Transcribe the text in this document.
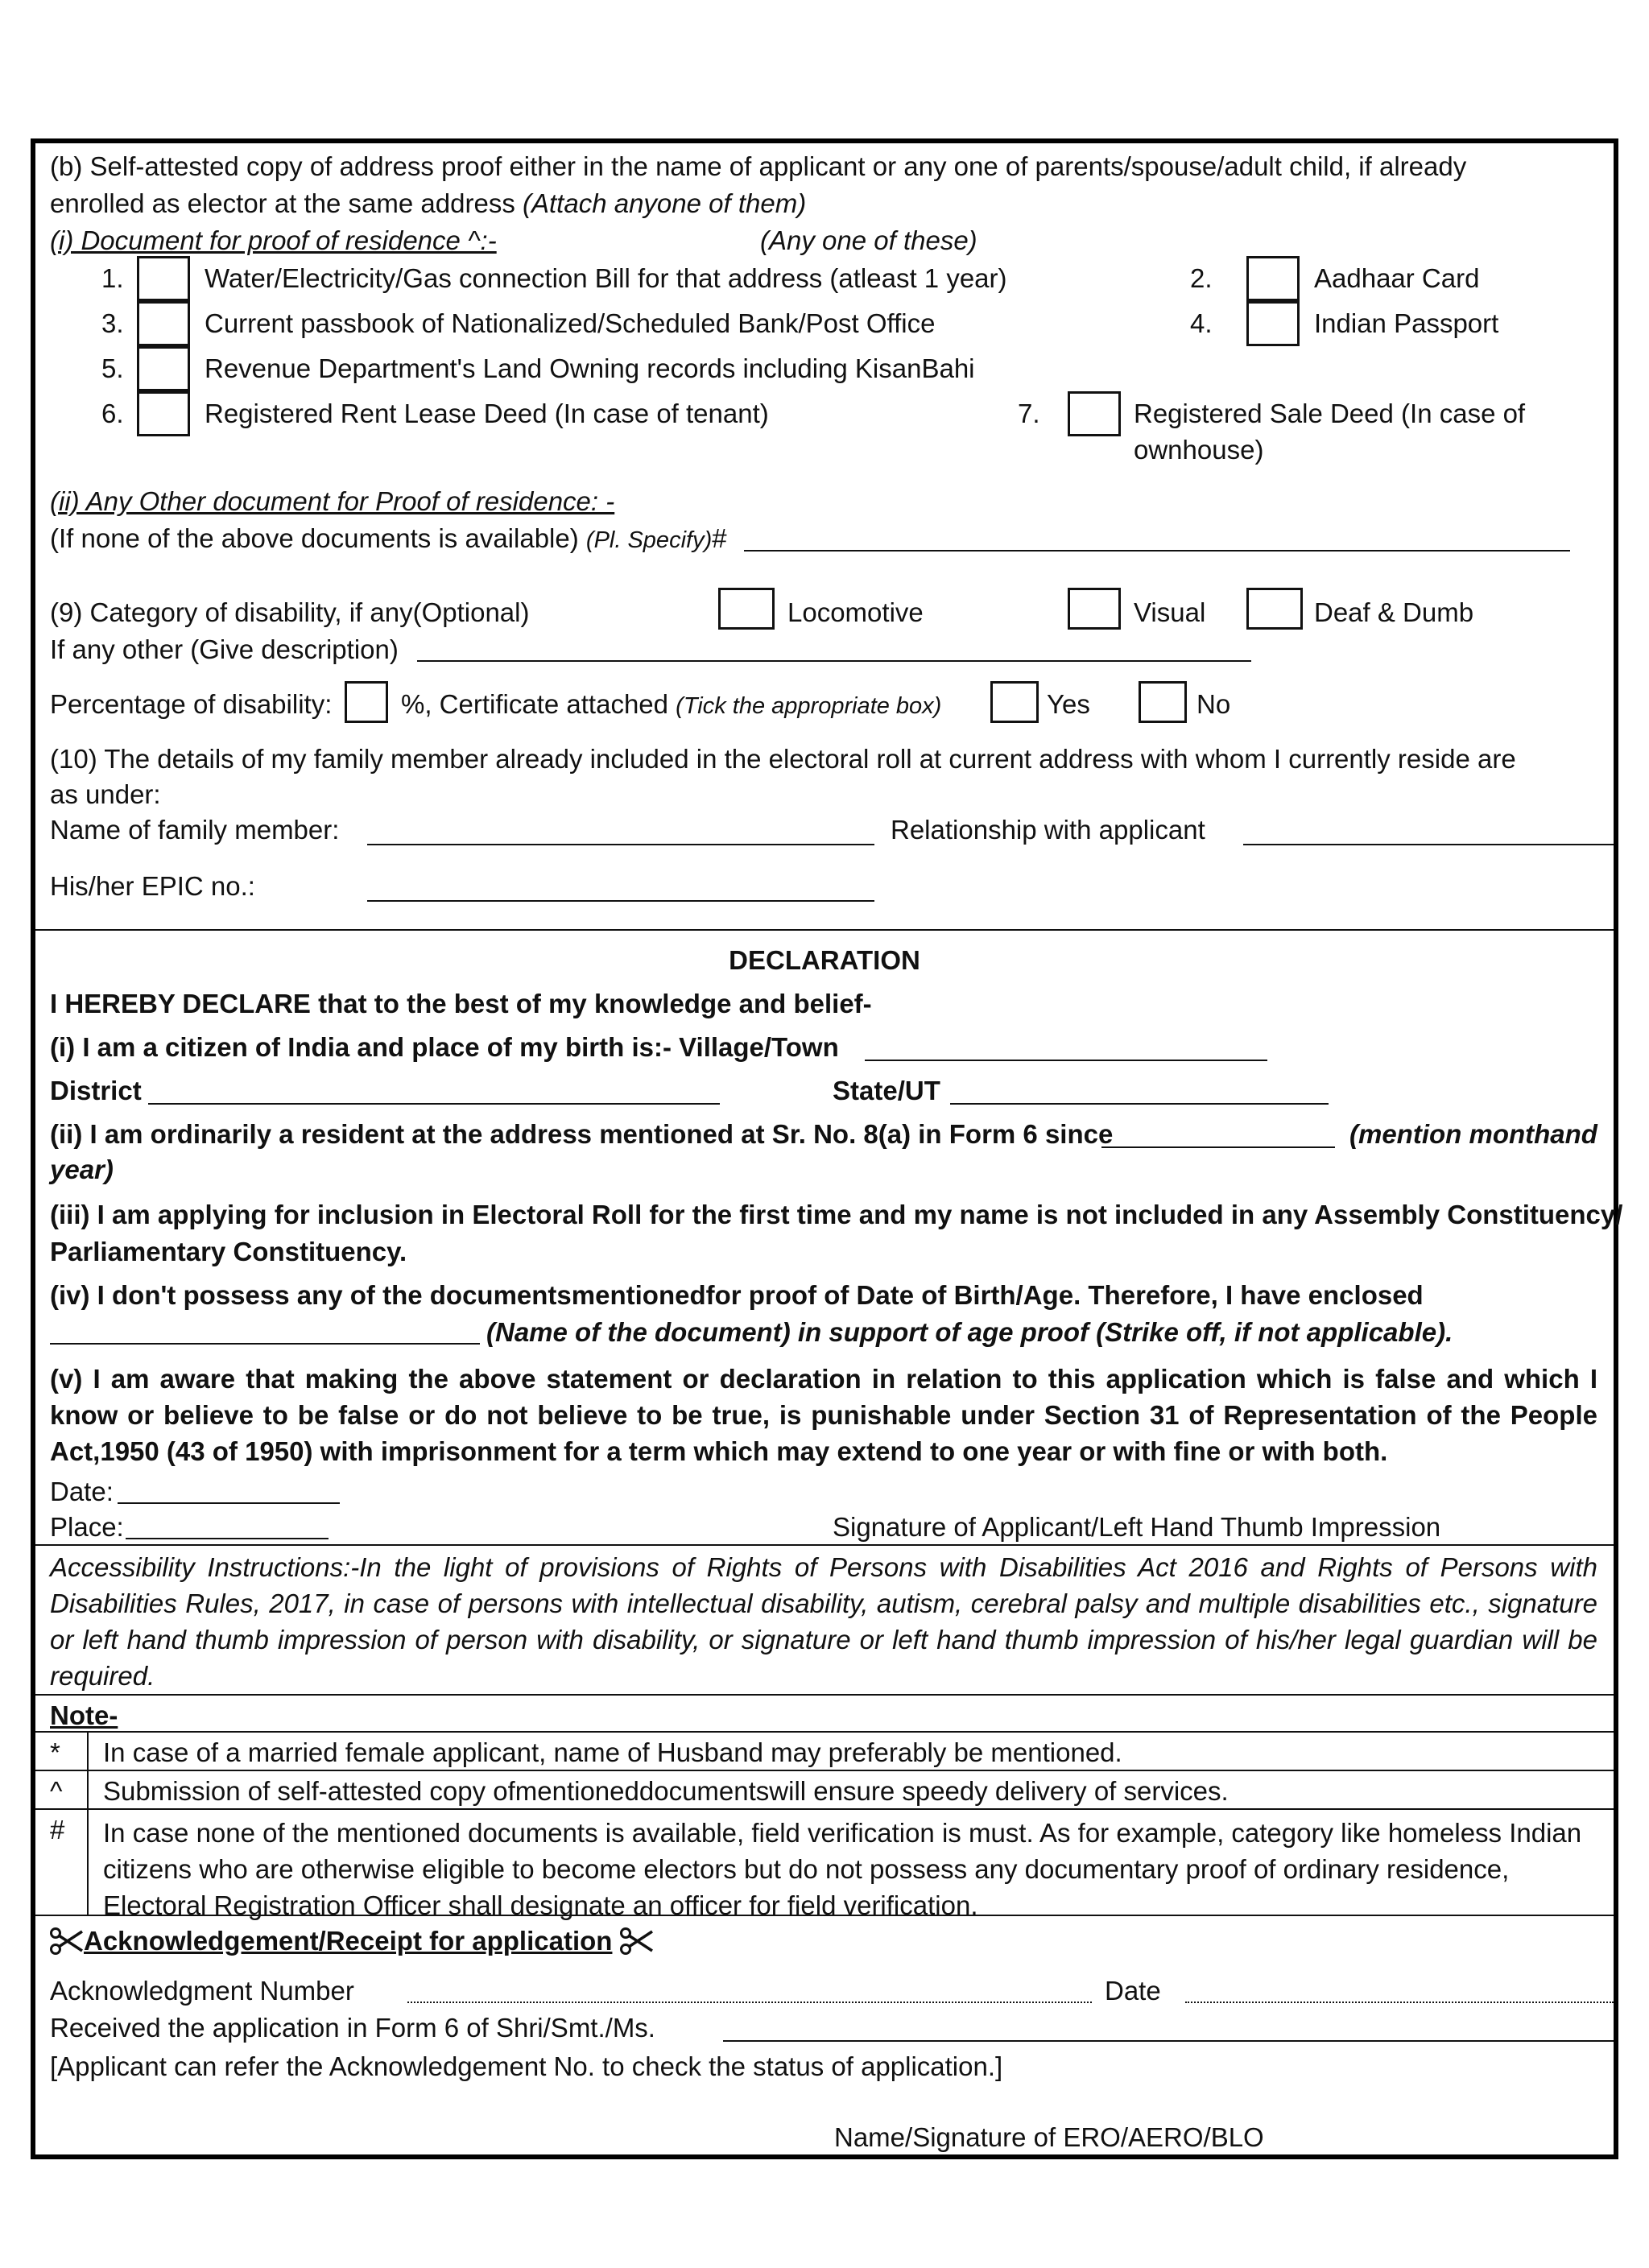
(b) Self-attested copy of address proof either in the name of applicant or any one of parents/spouse/adult child, if already
enrolled as elector at the same address (Attach anyone of them)
(i) Document for proof of residence ^:-	(Any one of these)
1.	Water/Electricity/Gas connection Bill for that address (atleast 1 year)	2.	Aadhaar Card
3.	Current passbook of Nationalized/Scheduled Bank/Post Office	4.	Indian Passport
5.	Revenue Department's Land Owning records including KisanBahi
6.	Registered Rent Lease Deed (In case of tenant)	7.	Registered Sale Deed (In case of
ownhouse)
(ii) Any Other document for Proof of residence: -
(If none of the above documents is available) (Pl. Specify)#
(9) Category of disability, if any(Optional)	Locomotive	Visual	Deaf & Dumb
If any other (Give description)
Percentage of disability:	%, Certificate attached (Tick the appropriate box)	Yes	No
(10) The details of my family member already included in the electoral roll at current address with whom I currently reside are
as under:
Name of family member:	Relationship with applicant
His/her EPIC no.:
DECLARATION
I HEREBY DECLARE that to the best of my knowledge and belief-
(i) I am a citizen of India and place of my birth is:- Village/Town
District	State/UT
(ii) I am ordinarily a resident at the address mentioned at Sr. No. 8(a) in Form 6 since	(mention monthand
year)
(iii) I am applying for inclusion in Electoral Roll for the first time and my name is not included in any Assembly Constituency/
Parliamentary Constituency.
(iv) I don't possess any of the documentsmentionedfor proof of Date of Birth/Age. Therefore, I have enclosed
(Name of the document) in support of age proof (Strike off, if not applicable).
(v) I am aware that making the above statement or declaration in relation to this application which is false and which I know or believe to be false or do not believe to be true, is punishable under Section 31 of Representation of the People Act,1950 (43 of 1950) with imprisonment for a term which may extend to one year or with fine or with both.
Date:
Place:	Signature of Applicant/Left Hand Thumb Impression
Accessibility Instructions:-In the light of provisions of Rights of Persons with Disabilities Act 2016 and Rights of Persons with Disabilities Rules, 2017, in case of persons with intellectual disability, autism, cerebral palsy and multiple disabilities etc., signature or left hand thumb impression of person with disability, or signature or left hand thumb impression of his/her legal guardian will be required.
Note-
* In case of a married female applicant, name of Husband may preferably be mentioned.
^ Submission of self-attested copy ofmentioneddocumentswill ensure speedy delivery of services.
# In case none of the mentioned documents is available, field verification is must. As for example, category like homeless Indian citizens who are otherwise eligible to become electors but do not possess any documentary proof of ordinary residence, Electoral Registration Officer shall designate an officer for field verification.
Acknowledgement/Receipt for application
Acknowledgment Number	Date
Received the application in Form 6 of Shri/Smt./Ms.
[Applicant can refer the Acknowledgement No. to check the status of application.]
Name/Signature of ERO/AERO/BLO
